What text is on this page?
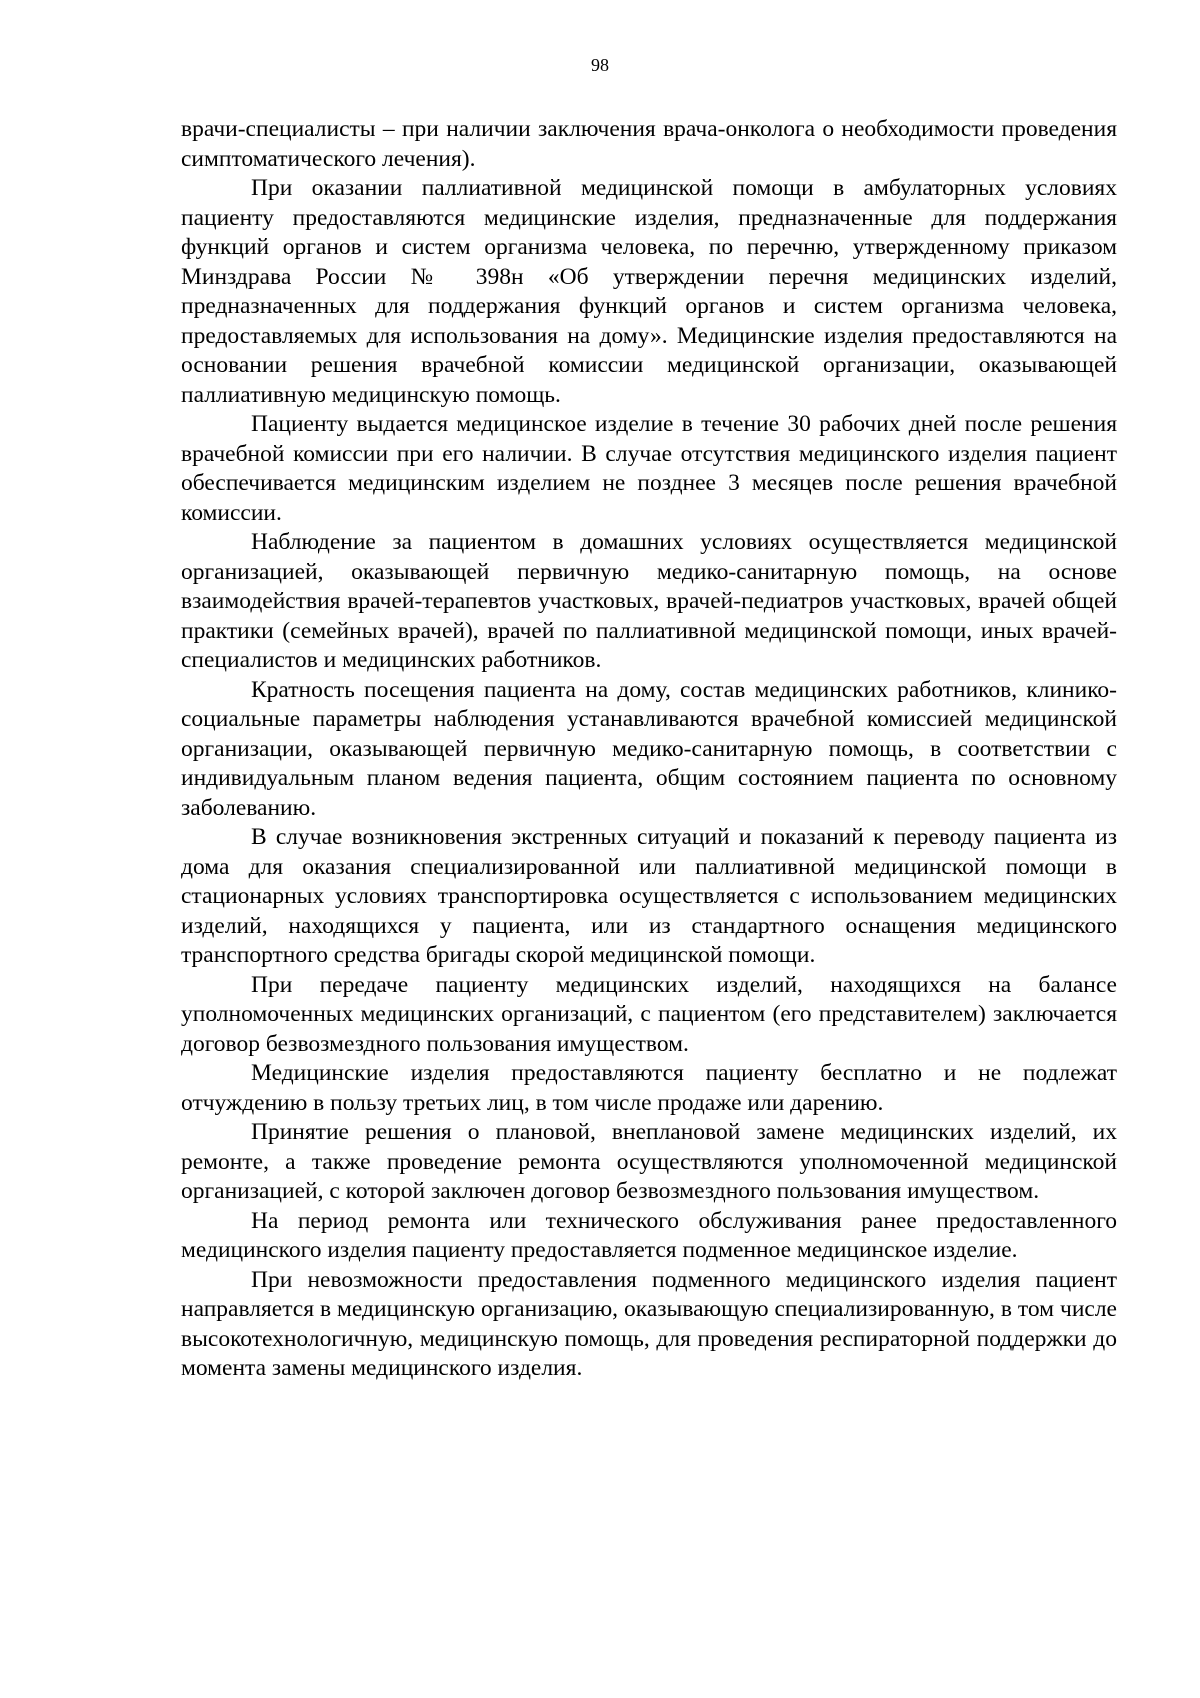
98

врачи-специалисты – при наличии заключения врача-онколога о необходимости проведения симптоматического лечения).

При оказании паллиативной медицинской помощи в амбулаторных условиях пациенту предоставляются медицинские изделия, предназначенные для поддержания функций органов и систем организма человека, по перечню, утвержденному приказом Минздрава России № 398н «Об утверждении перечня медицинских изделий, предназначенных для поддержания функций органов и систем организма человека, предоставляемых для использования на дому». Медицинские изделия предоставляются на основании решения врачебной комиссии медицинской организации, оказывающей паллиативную медицинскую помощь.

Пациенту выдается медицинское изделие в течение 30 рабочих дней после решения врачебной комиссии при его наличии. В случае отсутствия медицинского изделия пациент обеспечивается медицинским изделием не позднее 3 месяцев после решения врачебной комиссии.

Наблюдение за пациентом в домашних условиях осуществляется медицинской организацией, оказывающей первичную медико-санитарную помощь, на основе взаимодействия врачей-терапевтов участковых, врачей-педиатров участковых, врачей общей практики (семейных врачей), врачей по паллиативной медицинской помощи, иных врачей-специалистов и медицинских работников.

Кратность посещения пациента на дому, состав медицинских работников, клинико-социальные параметры наблюдения устанавливаются врачебной комиссией медицинской организации, оказывающей первичную медико-санитарную помощь, в соответствии с индивидуальным планом ведения пациента, общим состоянием пациента по основному заболеванию.

В случае возникновения экстренных ситуаций и показаний к переводу пациента из дома для оказания специализированной или паллиативной медицинской помощи в стационарных условиях транспортировка осуществляется с использованием медицинских изделий, находящихся у пациента, или из стандартного оснащения медицинского транспортного средства бригады скорой медицинской помощи.

При передаче пациенту медицинских изделий, находящихся на балансе уполномоченных медицинских организаций, с пациентом (его представителем) заключается договор безвозмездного пользования имуществом.

Медицинские изделия предоставляются пациенту бесплатно и не подлежат отчуждению в пользу третьих лиц, в том числе продаже или дарению.

Принятие решения о плановой, внеплановой замене медицинских изделий, их ремонте, а также проведение ремонта осуществляются уполномоченной медицинской организацией, с которой заключен договор безвозмездного пользования имуществом.

На период ремонта или технического обслуживания ранее предоставленного медицинского изделия пациенту предоставляется подменное медицинское изделие.

При невозможности предоставления подменного медицинского изделия пациент направляется в медицинскую организацию, оказывающую специализированную, в том числе высокотехнологичную, медицинскую помощь, для проведения респираторной поддержки до момента замены медицинского изделия.
